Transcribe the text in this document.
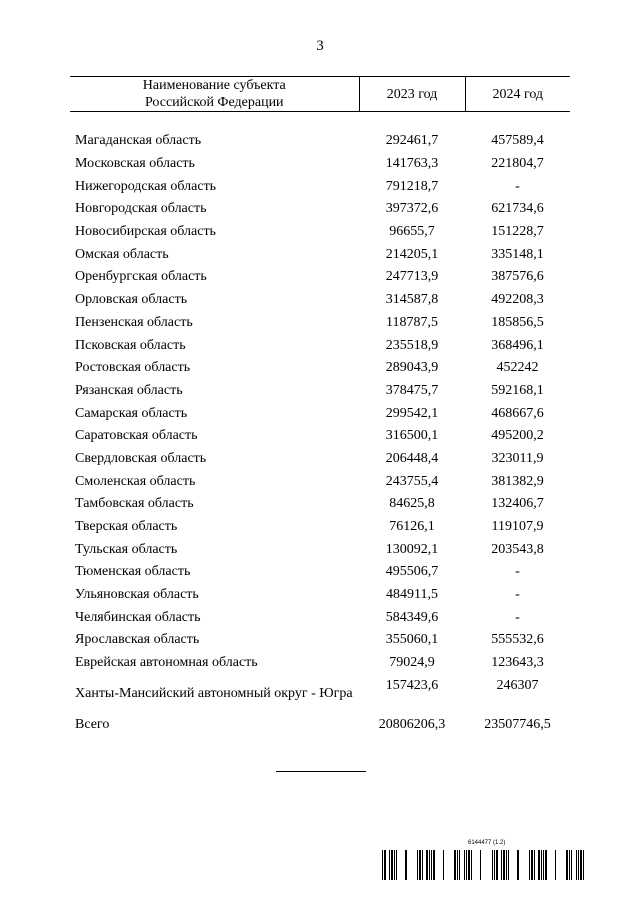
3
Наименование субъекта
Российской Федерации	2023 год	2024 год

Магаданская область	292461,7	457589,4
Московская область	141763,3	221804,7
Нижегородская область	791218,7	-
Новгородская область	397372,6	621734,6
Новосибирская область	96655,7	151228,7
Омская область	214205,1	335148,1
Оренбургская область	247713,9	387576,6
Орловская область	314587,8	492208,3
Пензенская область	118787,5	185856,5
Псковская область	235518,9	368496,1
Ростовская область	289043,9	452242
Рязанская область	378475,7	592168,1
Самарская область	299542,1	468667,6
Саратовская область	316500,1	495200,2
Свердловская область	206448,4	323011,9
Смоленская область	243755,4	381382,9
Тамбовская область	84625,8	132406,7
Тверская область	76126,1	119107,9
Тульская область	130092,1	203543,8
Тюменская область	495506,7	-
Ульяновская область	484911,5	-
Челябинская область	584349,6	-
Ярославская область	355060,1	555532,6
Еврейская автономная область	79024,9	123643,3
Ханты-Мансийский автономный округ - Югра	157423,6	246307
Всего	20806206,3	23507746,5
6144477 (1.2)
